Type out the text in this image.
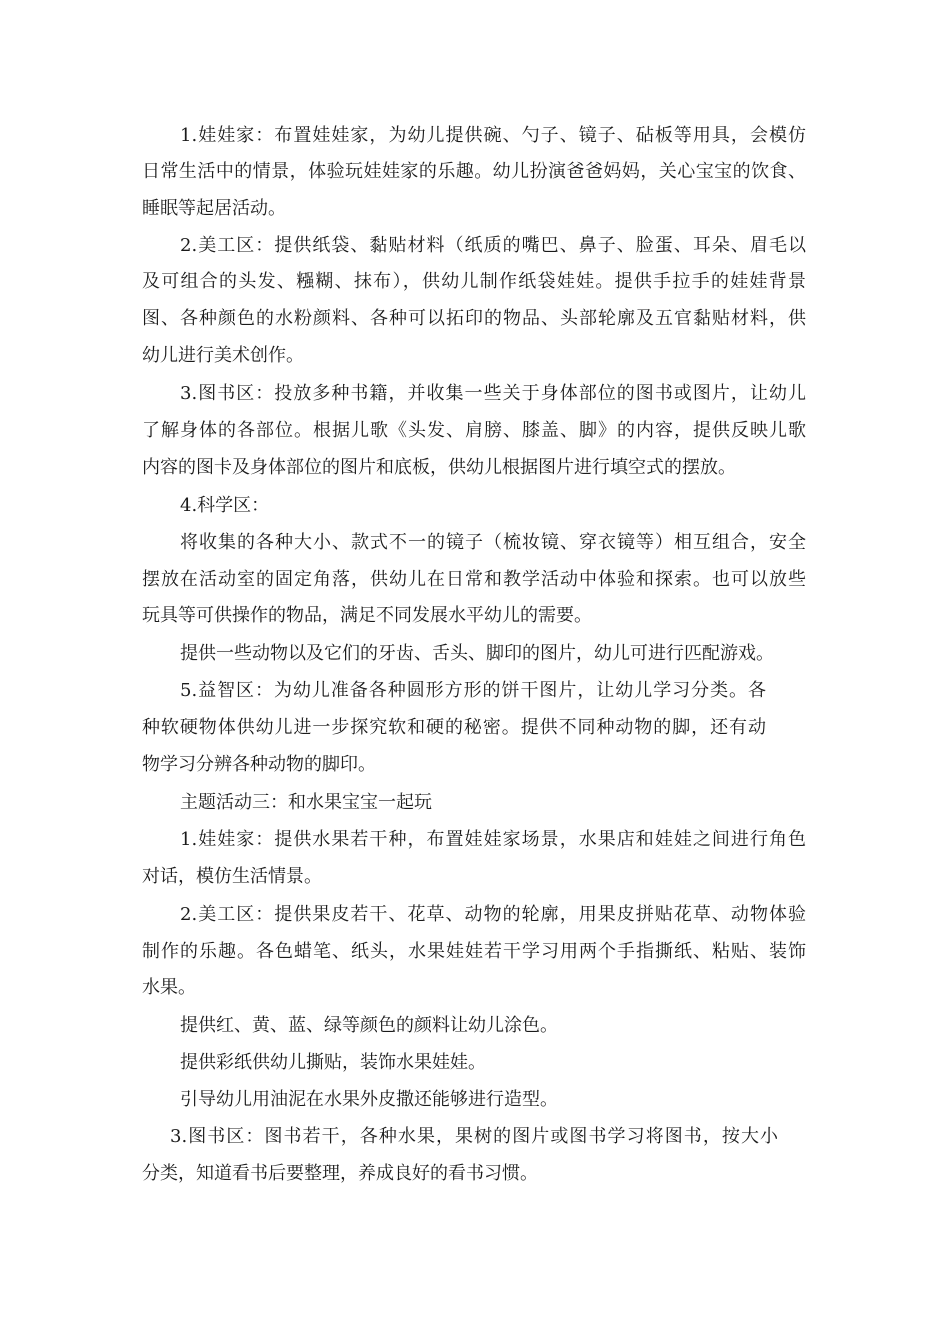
1.娃娃家：布置娃娃家，为幼儿提供碗、勺子、镜子、砧板等用具，会模仿

日常生活中的情景，体验玩娃娃家的乐趣。幼儿扮演爸爸妈妈，关心宝宝的饮食、

睡眠等起居活动。

2.美工区：提供纸袋、黏贴材料（纸质的嘴巴、鼻子、脸蛋、耳朵、眉毛以

及可组合的头发、糨糊、抹布），供幼儿制作纸袋娃娃。提供手拉手的娃娃背景

图、各种颜色的水粉颜料、各种可以拓印的物品、头部轮廓及五官黏贴材料，供

幼儿进行美术创作。

3.图书区：投放多种书籍，并收集一些关于身体部位的图书或图片，让幼儿

了解身体的各部位。根据儿歌《头发、肩膀、膝盖、脚》的内容，提供反映儿歌

内容的图卡及身体部位的图片和底板，供幼儿根据图片进行填空式的摆放。

4.科学区：

将收集的各种大小、款式不一的镜子（梳妆镜、穿衣镜等）相互组合，安全

摆放在活动室的固定角落，供幼儿在日常和教学活动中体验和探索。也可以放些

玩具等可供操作的物品，满足不同发展水平幼儿的需要。

提供一些动物以及它们的牙齿、舌头、脚印的图片，幼儿可进行匹配游戏。

5.益智区：为幼儿准备各种圆形方形的饼干图片，让幼儿学习分类。各

种软硬物体供幼儿进一步探究软和硬的秘密。提供不同种动物的脚，还有动

物学习分辨各种动物的脚印。

主题活动三：和水果宝宝一起玩

1.娃娃家：提供水果若干种，布置娃娃家场景，水果店和娃娃之间进行角色

对话，模仿生活情景。

2.美工区：提供果皮若干、花草、动物的轮廓，用果皮拼贴花草、动物体验

制作的乐趣。各色蜡笔、纸头，水果娃娃若干学习用两个手指撕纸、粘贴、装饰

水果。

提供红、黄、蓝、绿等颜色的颜料让幼儿涂色。

提供彩纸供幼儿撕贴，装饰水果娃娃。

引导幼儿用油泥在水果外皮撒还能够进行造型。

3.图书区：图书若干，各种水果，果树的图片或图书学习将图书，按大小

分类，知道看书后要整理，养成良好的看书习惯。
